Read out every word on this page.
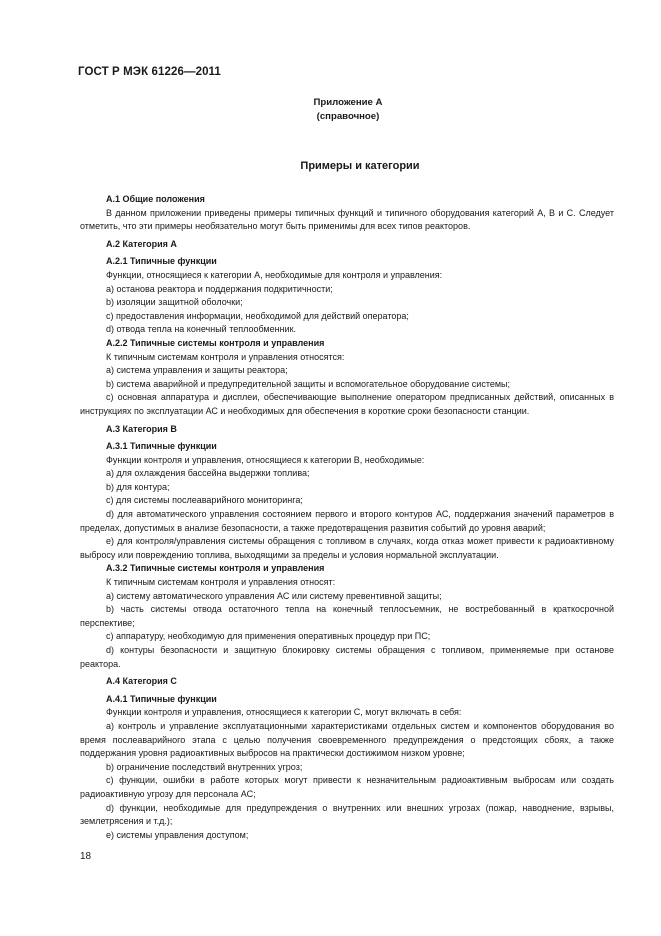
ГОСТ Р МЭК 61226—2011
Приложение А
(справочное)
Примеры и категории

А.1 Общие положения

В данном приложении приведены примеры типичных функций и типичного оборудования категорий А, В и С. Следует отметить, что эти примеры необязательно могут быть применимы для всех типов реакторов.

А.2 Категория А

А.2.1 Типичные функции

Функции, относящиеся к категории А, необходимые для контроля и управления:

a) останова реактора и поддержания подкритичности;

b) изоляции защитной оболочки;

c) предоставления информации, необходимой для действий оператора;

d) отвода тепла на конечный теплообменник.

А.2.2 Типичные системы контроля и управления

К типичным системам контроля и управления относятся:

a) система управления и защиты реактора;

b) система аварийной и предупредительной защиты и вспомогательное оборудование системы;

c) основная аппаратура и дисплеи, обеспечивающие выполнение оператором предписанных действий, описанных в инструкциях по эксплуатации АС и необходимых для обеспечения в короткие сроки безопасности станции.

А.3 Категория В

А.3.1 Типичные функции

Функции контроля и управления, относящиеся к категории В, необходимые:

a) для охлаждения бассейна выдержки топлива;

b) для контура;

c) для системы послеаварийного мониторинга;

d) для автоматического управления состоянием первого и второго контуров АС, поддержания значений параметров в пределах, допустимых в анализе безопасности, а также предотвращения развития событий до уровня аварий;

e) для контроля/управления системы обращения с топливом в случаях, когда отказ может привести к радиоактивному выбросу или повреждению топлива, выходящими за пределы и условия нормальной эксплуатации.

А.3.2 Типичные системы контроля и управления

К типичным системам контроля и управления относят:

a) систему автоматического управления АС или систему превентивной защиты;

b) часть системы отвода остаточного тепла на конечный теплосъемник, не востребованный в краткосрочной перспективе;

c) аппаратуру, необходимую для применения оперативных процедур при ПС;

d) контуры безопасности и защитную блокировку системы обращения с топливом, применяемые при останове реактора.

А.4 Категория С

А.4.1 Типичные функции

Функции контроля и управления, относящиеся к категории С, могут включать в себя:

a) контроль и управление эксплуатационными характеристиками отдельных систем и компонентов оборудования во время послеаварийного этапа с целью получения своевременного предупреждения о предстоящих сбоях, а также поддержания уровня радиоактивных выбросов на практически достижимом низком уровне;

b) ограничение последствий внутренних угроз;

c) функции, ошибки в работе которых могут привести к незначительным радиоактивным выбросам или создать радиоактивную угрозу для персонала АС;

d) функции, необходимые для предупреждения о внутренних или внешних угрозах (пожар, наводнение, взрывы, землетрясения и т.д.);

e) системы управления доступом;

18
